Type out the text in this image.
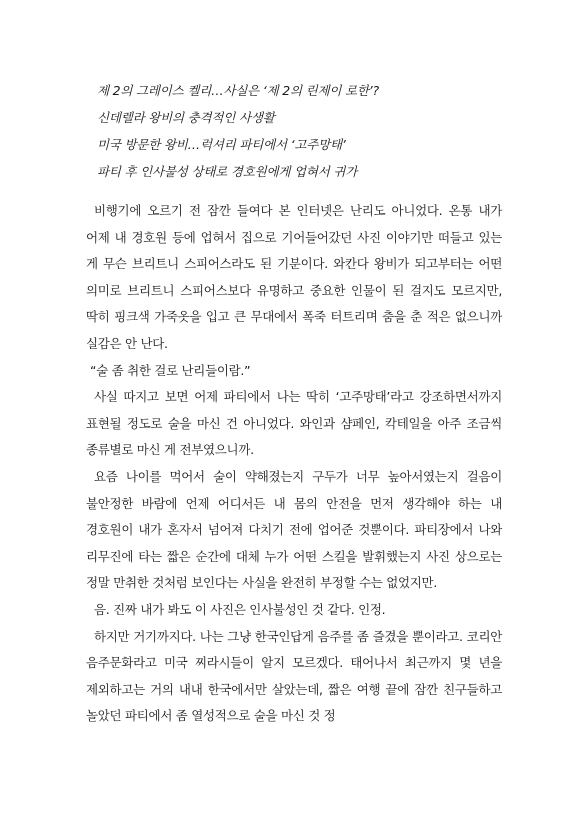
제 2의 그레이스 켈리…사실은 ‘제 2의 린제이 로한’?
신데렐라 왕비의 충격적인 사생활
미국 방문한 왕비…럭셔리 파티에서 ‘고주망태’
파티 후 인사불성 상태로 경호원에게 업혀서 귀가

비행기에 오르기 전 잠깐 들여다 본 인터넷은 난리도 아니었다. 온통 내가 어제 내 경호원 등에 업혀서 집으로 기어들어갔던 사진 이야기만 떠들고 있는 게 무슨 브리트니 스피어스라도 된 기분이다. 와칸다 왕비가 되고부터는 어떤 의미로 브리트니 스피어스보다 유명하고 중요한 인물이 된 걸지도 모르지만, 딱히 핑크색 가죽옷을 입고 큰 무대에서 폭죽 터트리며 춤을 춘 적은 없으니까 실감은 안 난다.

“술 좀 취한 걸로 난리들이람.”

사실 따지고 보면 어제 파티에서 나는 딱히 ‘고주망태’라고 강조하면서까지 표현될 정도로 술을 마신 건 아니었다. 와인과 샴페인, 칵테일을 아주 조금씩 종류별로 마신 게 전부였으니까.

요즘 나이를 먹어서 술이 약해졌는지 구두가 너무 높아서였는지 걸음이 불안정한 바람에 언제 어디서든 내 몸의 안전을 먼저 생각해야 하는 내 경호원이 내가 혼자서 넘어져 다치기 전에 업어준 것뿐이다. 파티장에서 나와 리무진에 타는 짧은 순간에 대체 누가 어떤 스킬을 발휘했는지 사진 상으로는 정말 만취한 것처럼 보인다는 사실을 완전히 부정할 수는 없었지만.

음. 진짜 내가 봐도 이 사진은 인사불성인 것 같다. 인정.

하지만 거기까지다. 나는 그냥 한국인답게 음주를 좀 즐겼을 뿐이라고. 코리안 음주문화라고 미국 찌라시들이 알지 모르겠다. 태어나서 최근까지 몇 년을 제외하고는 거의 내내 한국에서만 살았는데, 짧은 여행 끝에 잠깐 친구들하고 놀았던 파티에서 좀 열성적으로 술을 마신 것 정
